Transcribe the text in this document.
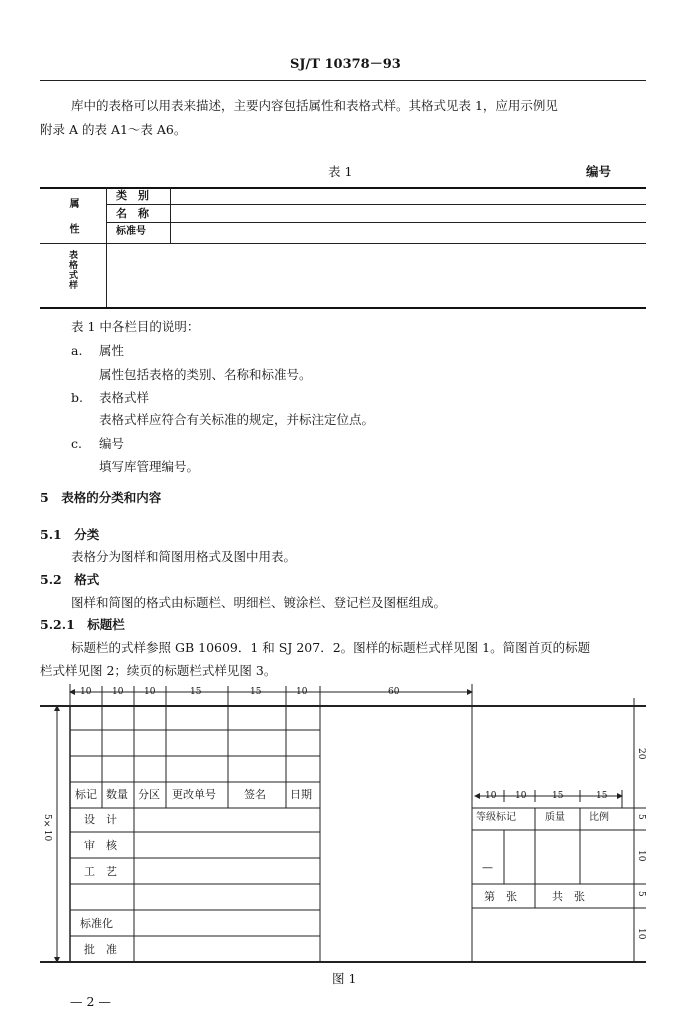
SJ/T 10378－93
库中的表格可以用表来描述，主要内容包括属性和表格式样。其格式见表 1，应用示例见
附录 A 的表 A1～表 A6。
表 1	编号
属 性
类　别
名　称
标准号
表格式样
表 1 中各栏目的说明：
a. 属性
属性包括表格的类别、名称和标准号。
b. 表格式样
表格式样应符合有关标准的规定，并标注定位点。
c. 编号
填写库管理编号。
5　表格的分类和内容
5.1　分类
表格分为图样和简图用格式及图中用表。
5.2　格式
图样和简图的格式由标题栏、明细栏、镀涂栏、登记栏及图框组成。
5.2.1　标题栏
标题栏的式样参照 GB 10609．1 和 SJ 207．2。图样的标题栏式样见图 1。简图首页的标题
栏式样见图 2；续页的标题栏式样见图 3。
10 10 10	15	15	10	60
5×10
标记 数量 分区 更改单号	签名 日期
设　计
审　核
工　艺
标准化
批　准
10 10	15	15
等级标记	质量 比例
—
第　张	共　张
20
5
10
5
10
图 1
— 2 —
